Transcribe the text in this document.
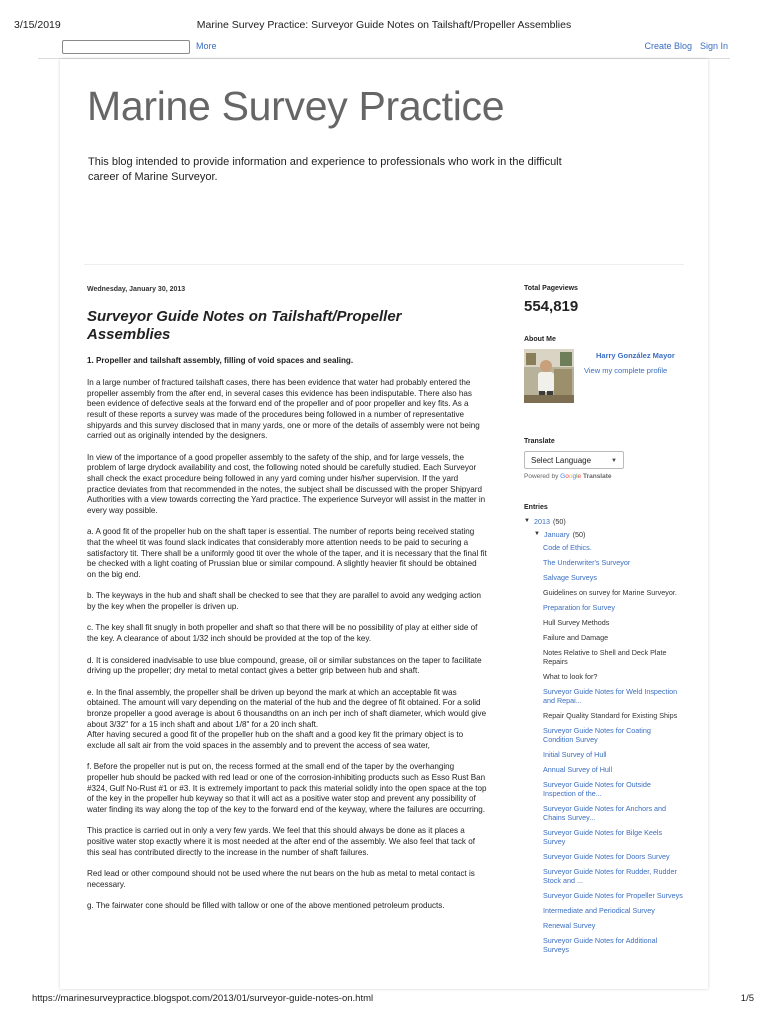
3/15/2019	Marine Survey Practice: Surveyor Guide Notes on Tailshaft/Propeller Assemblies
More	Create Blog Sign In
Marine Survey Practice
This blog intended to provide information and experience to professionals who work in the difficult career of Marine Surveyor.
Wednesday, January 30, 2013
Surveyor Guide Notes on Tailshaft/Propeller Assemblies
1. Propeller and tailshaft assembly, filling of void spaces and sealing.
In a large number of fractured tailshaft cases, there has been evidence that water had probably entered the propeller assembly from the after end, in several cases this evidence has been indisputable. There also has been evidence of defective seals at the forward end of the propeller and of poor propeller and key fits. As a result of these reports a survey was made of the procedures being followed in a number of representative shipyards and this survey disclosed that in many yards, one or more of the details of assembly were not being carried out as originally intended by the designers.
In view of the importance of a good propeller assembly to the safety of the ship, and for large vessels, the problem of large drydock availability and cost, the following noted should be carefully studied. Each Surveyor shall check the exact procedure being followed in any yard coming under his/her supervision. If the yard practice deviates from that recommended in the notes, the subject shall be discussed with the proper Shipyard Authorities with a view towards correcting the Yard practice. The experience Surveyor will assist in the matter in every way possible.
a. A good fit of the propeller hub on the shaft taper is essential. The number of reports being received stating that the wheel tit was found slack indicates that considerably more attention needs to be paid to securing a satisfactory tit. There shall be a uniformly good tit over the whole of the taper, and it is necessary that the final fit be checked with a light coating of Prussian blue or similar compound. A slightly heavier fit should be obtained on the big end.
b. The keyways in the hub and shaft shall be checked to see that they are parallel to avoid any wedging action by the key when the propeller is driven up.
c. The key shall fit snugly in both propeller and shaft so that there will be no possibility of play at either side of the key. A clearance of about 1/32 inch should be provided at the top of the key.
d. It is considered inadvisable to use blue compound, grease, oil or similar substances on the taper to facilitate driving up the propeller; dry metal to metal contact gives a better grip between hub and shaft.
e. In the final assembly, the propeller shall be driven up beyond the mark at which an acceptable fit was obtained. The amount will vary depending on the material of the hub and the degree of fit obtained. For a solid bronze propeller a good average is about 6 thousandths on an inch per inch of shaft diameter, which would give about 3/32" for a 15 inch shaft and about 1/8" for a 20 inch shaft.
After having secured a good fit of the propeller hub on the shaft and a good key fit the primary object is to exclude all salt air from the void spaces in the assembly and to prevent the access of sea water,
f. Before the propeller nut is put on, the recess formed at the small end of the taper by the overhanging propeller hub should be packed with red lead or one of the corrosion-inhibiting products such as Esso Rust Ban #324, Gulf No-Rust #1 or #3. It is extremely important to pack this material solidly into the open space at the top of the key in the propeller hub keyway so that it will act as a positive water stop and prevent any possibility of water finding its way along the top of the key to the forward end of the keyway, where the failures are occurring.
This practice is carried out in only a very few yards. We feel that this should always be done as it places a positive water stop exactly where it is most needed at the after end of the assembly. We also feel that tack of this seal has contributed directly to the increase in the number of shaft failures.
Red lead or other compound should not be used where the nut bears on the hub as metal to metal contact is necessary.
g. The fairwater cone should be filled with tallow or one of the above mentioned petroleum products.
Total Pageviews
554,819
About Me
Harry González Mayor
View my complete profile
Translate
Select Language	▼
Powered by Google Translate
Entries
▼ 2013 (50)
▼ January (50)
Code of Ethics.
The Underwriter's Surveyor
Salvage Surveys
Guidelines on survey for Marine Surveyor.
Preparation for Survey
Hull Survey Methods
Failure and Damage
Notes Relative to Shell and Deck Plate Repairs
What to look for?
Surveyor Guide Notes for Weld Inspection and Repai...
Repair Quality Standard for Existing Ships
Surveyor Guide Notes for Coating Condition Survey
Initial Survey of Hull
Annual Survey of Hull
Surveyor Guide Notes for Outside Inspection of the...
Surveyor Guide Notes for Anchors and Chains Survey...
Surveyor Guide Notes for Bilge Keels Survey
Surveyor Guide Notes for Doors Survey
Surveyor Guide Notes for Rudder, Rudder Stock and ...
Surveyor Guide Notes for Propeller Surveys
Intermediate and Periodical Survey
Renewal Survey
Surveyor Guide Notes for Additional Surveys
https://marinesurveypractice.blogspot.com/2013/01/surveyor-guide-notes-on.html	1/5
